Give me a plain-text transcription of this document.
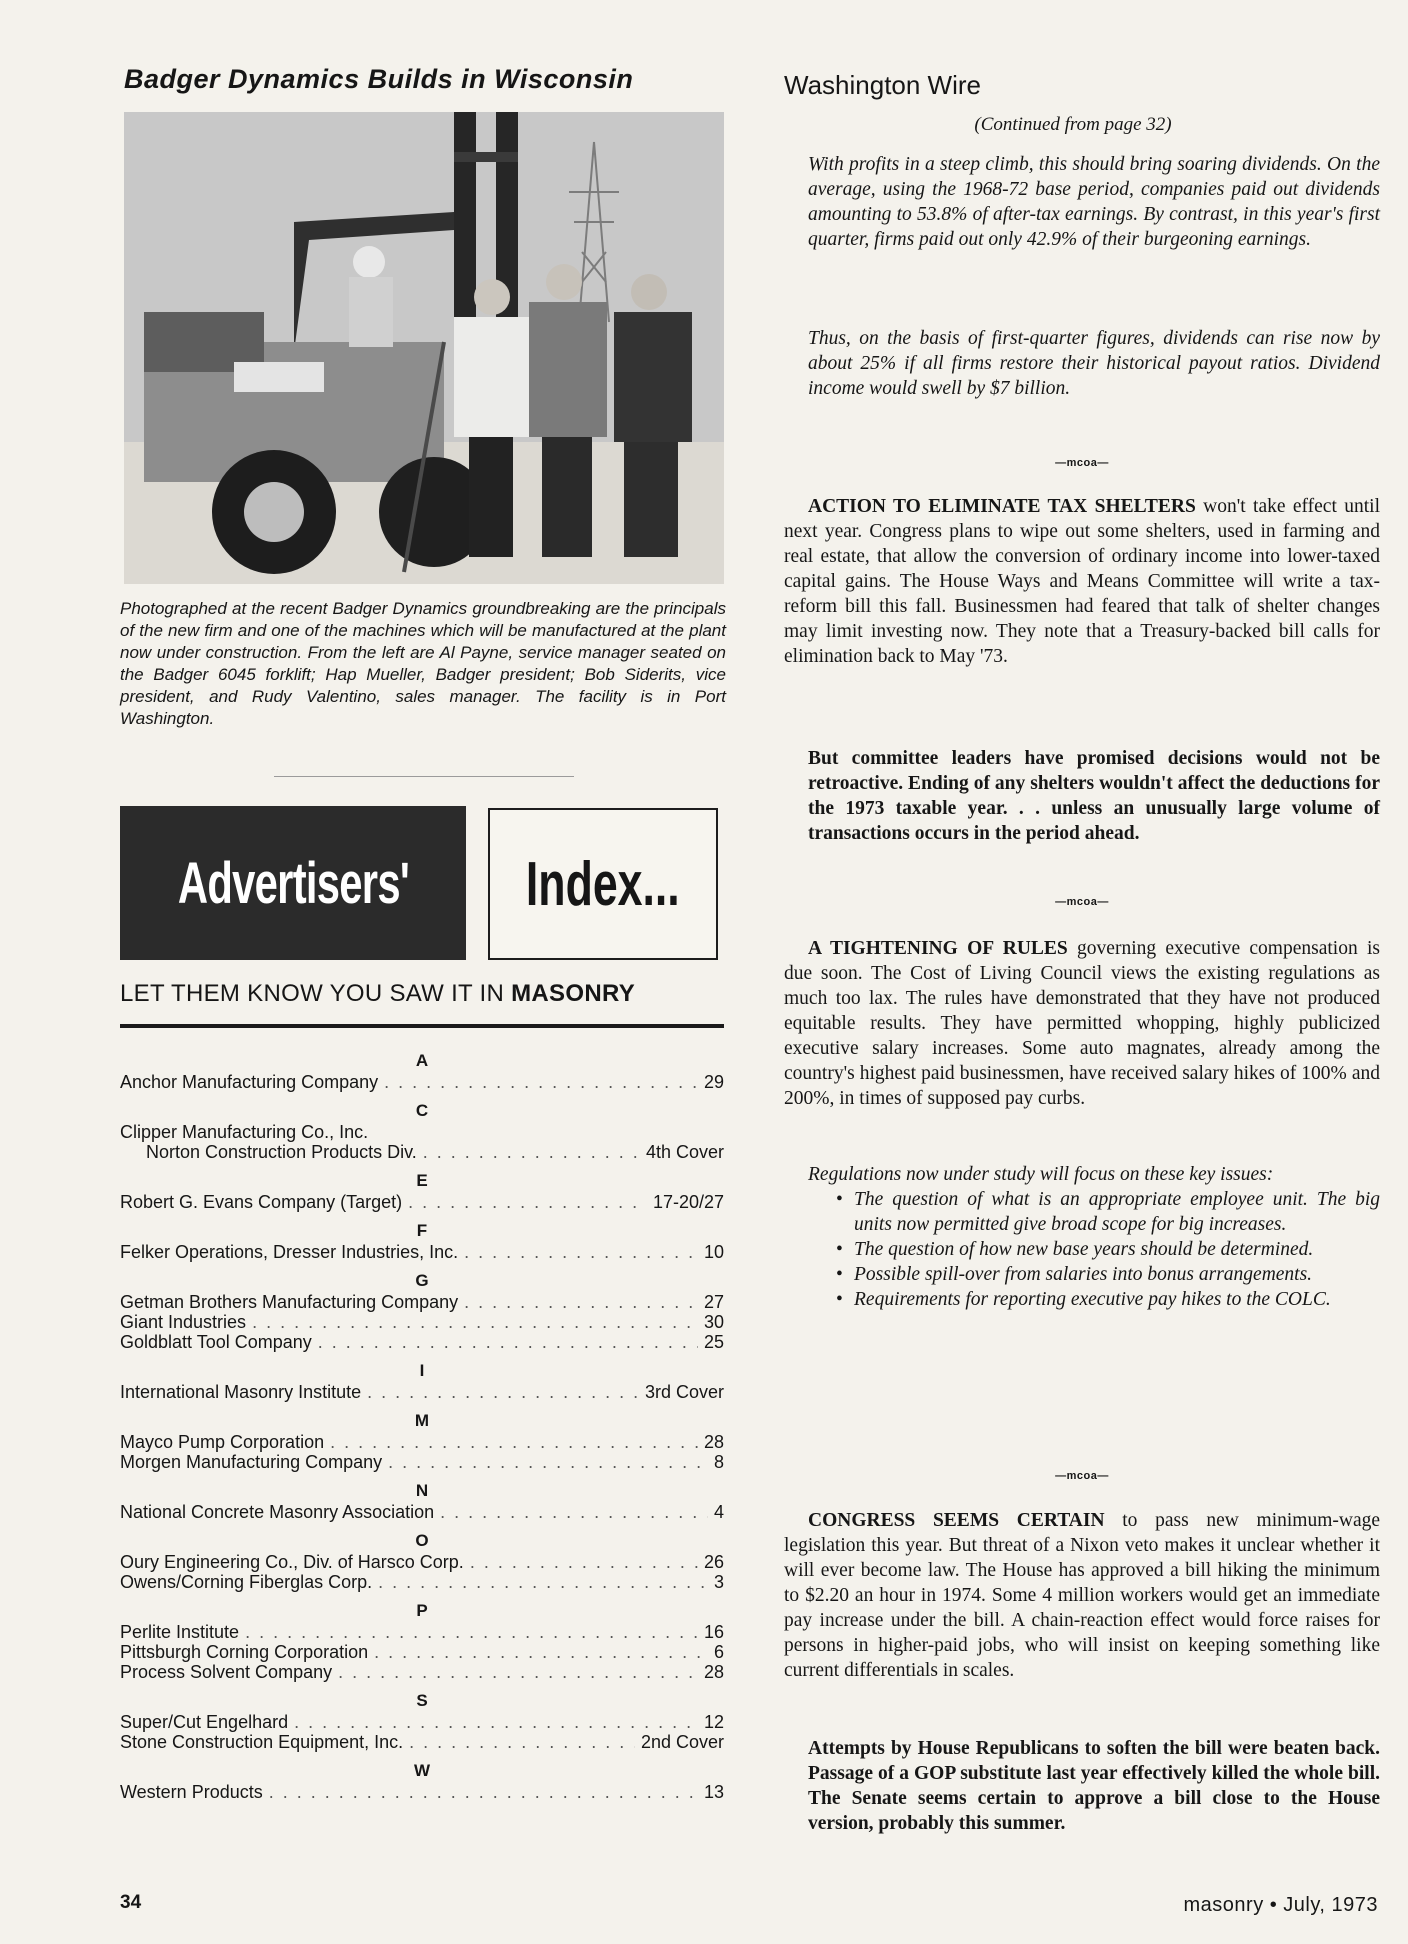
Badger Dynamics Builds in Wisconsin
Photographed at the recent Badger Dynamics groundbreaking are the principals of the new firm and one of the machines which will be manufactured at the plant now under construction. From the left are Al Payne, service manager seated on the Badger 6045 forklift; Hap Mueller, Badger president; Bob Siderits, vice president, and Rudy Valentino, sales manager. The facility is in Port Washington.
Advertisers' Index...
LET THEM KNOW YOU SAW IT IN MASONRY
A
Anchor Manufacturing Company . . .	29
C
Clipper Manufacturing Co., Inc.
Norton Construction Products Div. . . .	4th Cover
E
Robert G. Evans Company (Target) . . .	17-20/27
F
Felker Operations, Dresser Industries, Inc. . . .	10
G
Getman Brothers Manufacturing Company . . .	27
Giant Industries . . .	30
Goldblatt Tool Company . . .	25
I
International Masonry Institute . . .	3rd Cover
M
Mayco Pump Corporation . . .	28
Morgen Manufacturing Company . . .	8
N
National Concrete Masonry Association . . .	4
O
Oury Engineering Co., Div. of Harsco Corp. . . .	26
Owens/Corning Fiberglas Corp. . . .	3
P
Perlite Institute . . .	16
Pittsburgh Corning Corporation . . .	6
Process Solvent Company . . .	28
S
Super/Cut Engelhard . . .	12
Stone Construction Equipment, Inc. . . .	2nd Cover
W
Western Products . . .	13
34
Washington Wire
(Continued from page 32)
With profits in a steep climb, this should bring soaring dividends. On the average, using the 1968-72 base period, companies paid out dividends amounting to 53.8% of after-tax earnings. By contrast, in this year's first quarter, firms paid out only 42.9% of their burgeoning earnings.
Thus, on the basis of first-quarter figures, dividends can rise now by about 25% if all firms restore their historical payout ratios. Dividend income would swell by $7 billion.
—mcoa—
ACTION TO ELIMINATE TAX SHELTERS won't take effect until next year. Congress plans to wipe out some shelters, used in farming and real estate, that allow the conversion of ordinary income into lower-taxed capital gains. The House Ways and Means Committee will write a tax-reform bill this fall. Businessmen had feared that talk of shelter changes may limit investing now. They note that a Treasury-backed bill calls for elimination back to May '73.
But committee leaders have promised decisions would not be retroactive. Ending of any shelters wouldn't affect the deductions for the 1973 taxable year. . . unless an unusually large volume of transactions occurs in the period ahead.
—mcoa—
A TIGHTENING OF RULES governing executive compensation is due soon. The Cost of Living Council views the existing regulations as much too lax. The rules have demonstrated that they have not produced equitable results. They have permitted whopping, highly publicized executive salary increases. Some auto magnates, already among the country's highest paid businessmen, have received salary hikes of 100% and 200%, in times of supposed pay curbs.
Regulations now under study will focus on these key issues:
• The question of what is an appropriate employee unit. The big units now permitted give broad scope for big increases.
• The question of how new base years should be determined.
• Possible spill-over from salaries into bonus arrangements.
• Requirements for reporting executive pay hikes to the COLC.
—mcoa—
CONGRESS SEEMS CERTAIN to pass new minimum-wage legislation this year. But threat of a Nixon veto makes it unclear whether it will ever become law. The House has approved a bill hiking the minimum to $2.20 an hour in 1974. Some 4 million workers would get an immediate pay increase under the bill. A chain-reaction effect would force raises for persons in higher-paid jobs, who will insist on keeping something like current differentials in scales.
Attempts by House Republicans to soften the bill were beaten back. Passage of a GOP substitute last year effectively killed the whole bill. The Senate seems certain to approve a bill close to the House version, probably this summer.
masonry • July, 1973
